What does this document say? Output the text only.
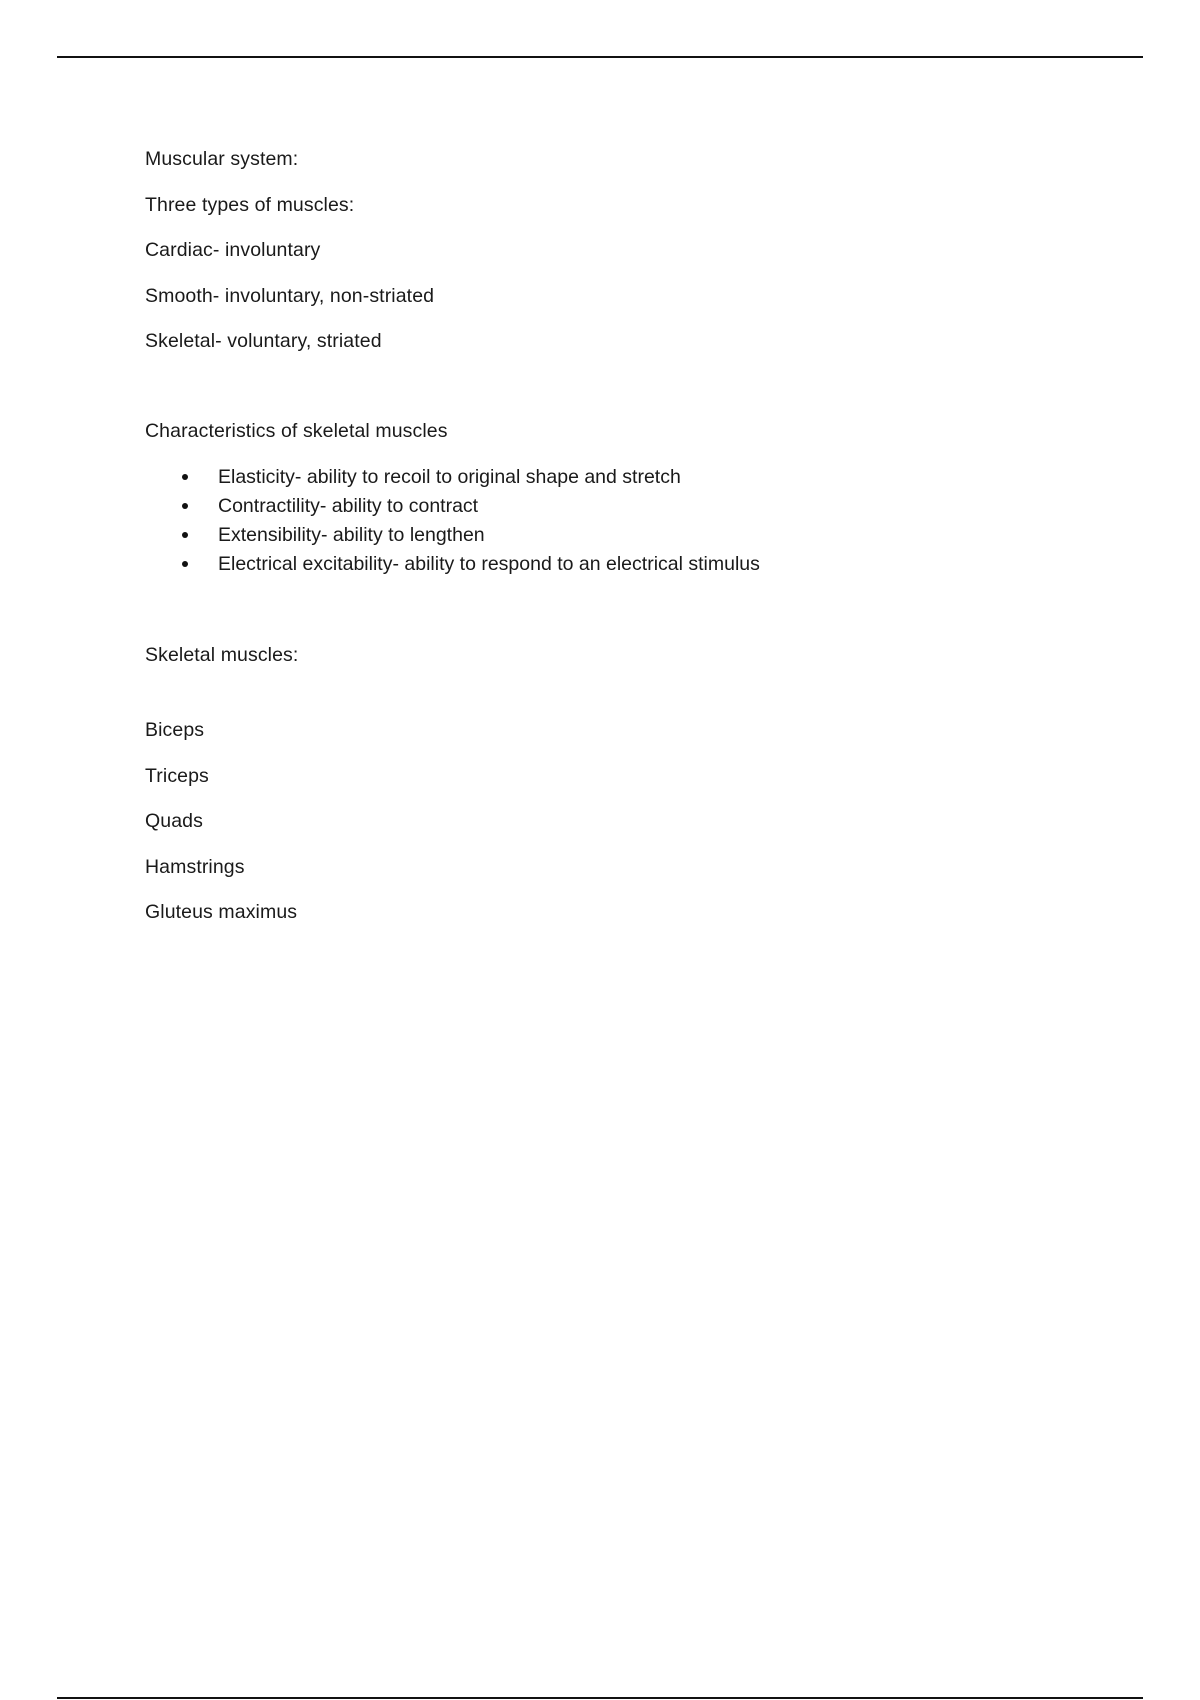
Muscular system:
Three types of muscles:
Cardiac- involuntary
Smooth- involuntary, non-striated
Skeletal- voluntary, striated
Characteristics of skeletal muscles
Elasticity- ability to recoil to original shape and stretch
Contractility- ability to contract
Extensibility- ability to lengthen
Electrical excitability- ability to respond to an electrical stimulus
Skeletal muscles:
Biceps
Triceps
Quads
Hamstrings
Gluteus maximus
